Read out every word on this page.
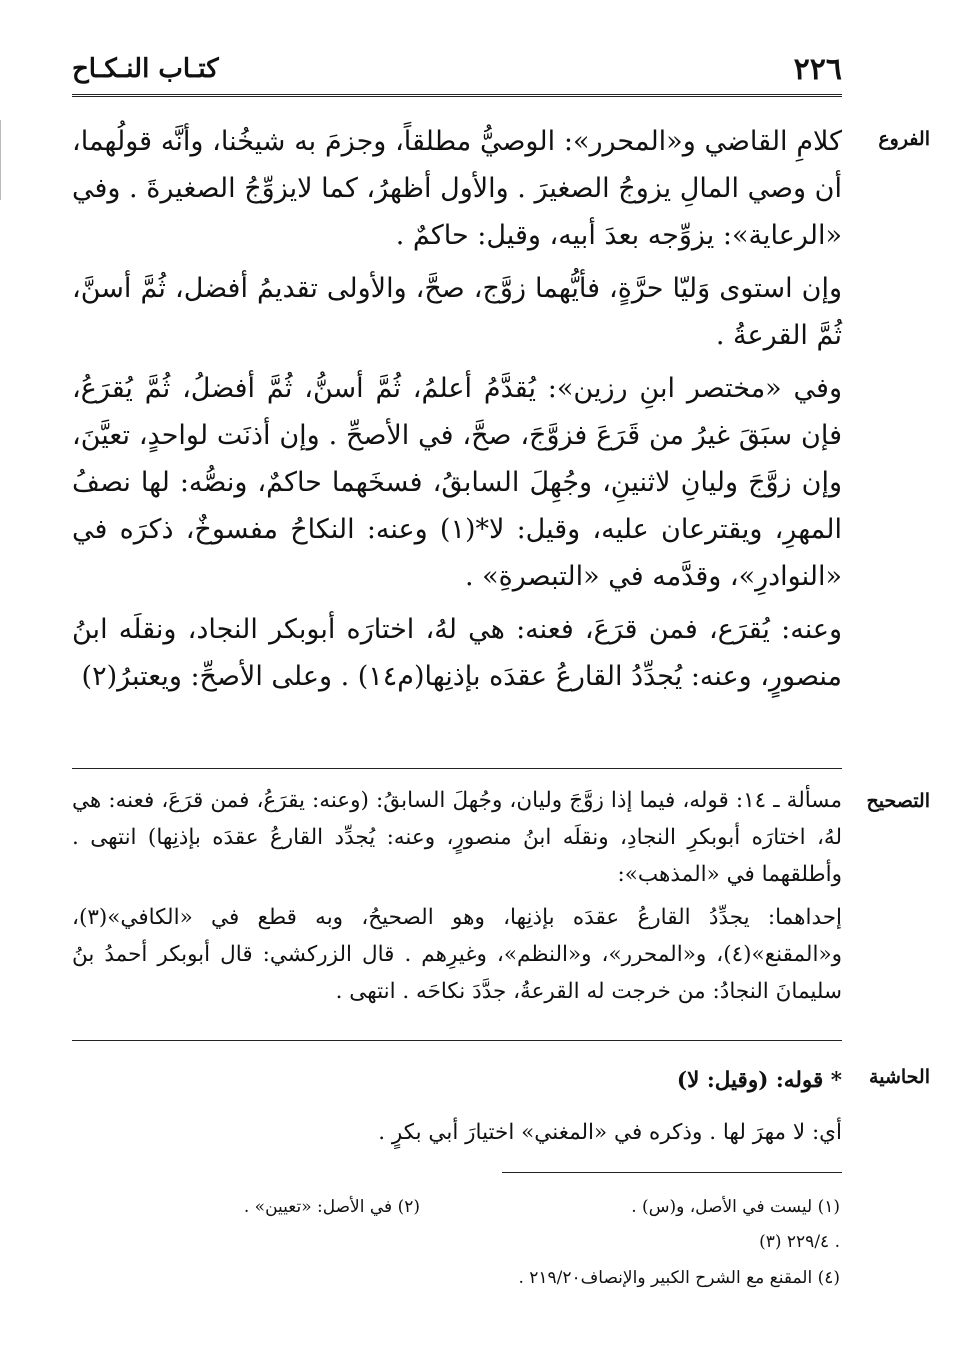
٢٢٦
كتـاب النـكـاح
الفروع

كلامِ القاضي و«المحرر»: الوصيُّ مطلقاً، وجزمَ به شيخُنا، وأنَّه قولُهما، أن وصي المالِ يزوجُ الصغيرَ . والأول أظهرُ، كما لايزوِّجُ الصغيرةَ . وفي «الرعاية»: يزوِّجه بعدَ أبيه، وقيل: حاكمٌ .

وإن استوى وَليّا حرَّةٍ، فأيُّهما زوَّج، صحَّ، والأولى تقديمُ أفضل، ثُمَّ أسنَّ، ثُمَّ القرعةُ .

وفي «مختصر ابنِ رزين»: يُقدَّمُ أعلمُ، ثُمَّ أسنُّ، ثُمَّ أفضلُ، ثُمَّ يُقرَعُ، فإن سبَقَ غيرُ من قَرَعَ فزوَّجَ، صحَّ، في الأصحِّ . وإن أذنَت لواحدٍ، تعيَّنَ، وإن زوَّجَ وليانِ لاثنينِ، وجُهِلَ السابقُ، فسخَهما حاكمٌ، ونصُّه: لها نصفُ المهرِ، ويقترعان عليه، وقيل: لا*(١) وعنه: النكاحُ مفسوخٌ، ذكرَه في «النوادرِ»، وقدَّمه في «التبصرةِ» .

وعنه: يُقرَع، فمن قرَعَ، فعنه: هي لهُ، اختارَه أبوبكر النجاد، ونقلَه ابنُ منصورٍ، وعنه: يُجدِّدُ القارعُ عقدَه بإذنِها(م١٤) . وعلى الأصحِّ: ويعتبرُ(٢)

التصحيح

مسألة ـ ١٤: قوله، فيما إذا زوَّجَ وليان، وجُهلَ السابقُ: (وعنه: يقرَعُ، فمن قرَعَ، فعنه: هي لهُ، اختارَه أبوبكرِ النجادِ، ونقلَه ابنُ منصورٍ، وعنه: يُجدِّد القارعُ عقدَه بإذنِها) انتهى . وأطلقهما في «المذهب»:

إحداهما: يجدِّدُ القارعُ عقدَه بإذنِها، وهو الصحيحُ، وبه قطع في «الكافي»(٣)، و«المقنع»(٤)، و«المحرر»، و«النظم»، وغيرِهم . قال الزركشي: قال أبوبكر أحمدُ بنُ سليمانَ النجادُ: من خرجت له القرعةُ، جدَّدَ نكاحَه . انتهى .

الحاشية
* قوله: (وقيل: لا)
أي: لا مهرَ لها . وذكره في «المغني» اختيارَ أبي بكرٍ .
(١) ليست في الأصل، و(س) .
(٢) في الأصل: «تعيين» .
(٣) ٢٢٩/٤ .
(٤) المقنع مع الشرح الكبير والإنصاف٢١٩/٢٠ .
